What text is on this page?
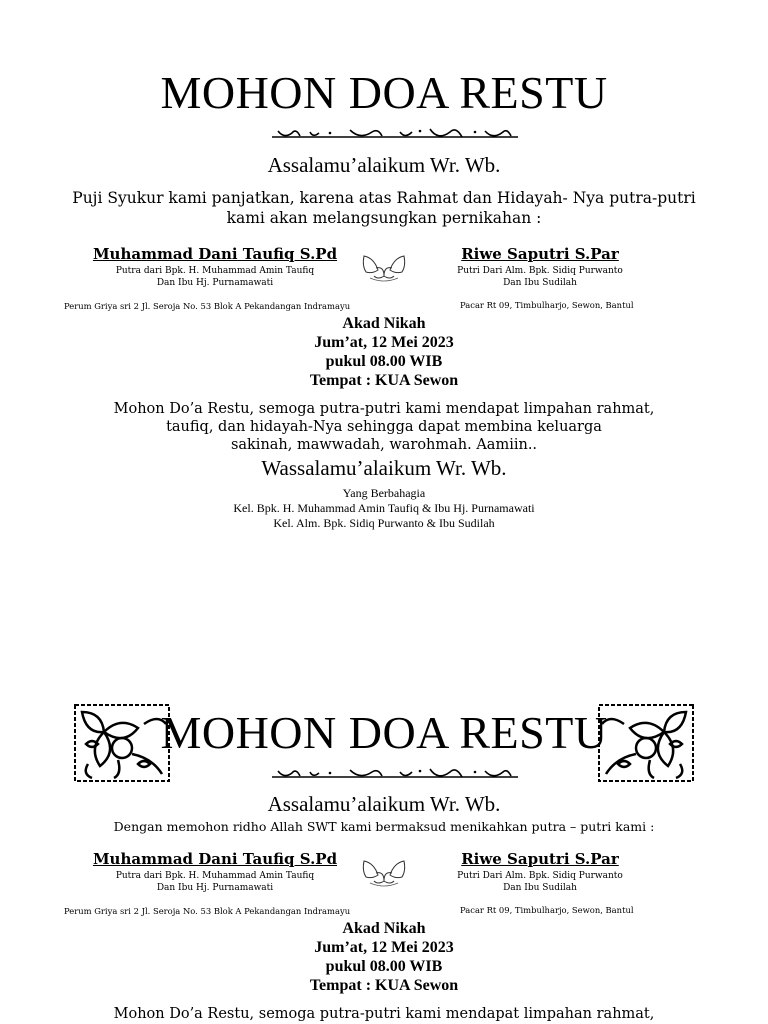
MOHON DOA RESTU
Assalamu’alaikum Wr. Wb.
Puji Syukur kami panjatkan, karena atas Rahmat dan Hidayah- Nya putra-putri
kami akan melangsungkan pernikahan :
Muhammad Dani Taufiq S.Pd
Putra dari Bpk. H. Muhammad Amin Taufiq
Dan Ibu Hj. Purnamawati
Perum Griya sri 2 Jl. Seroja No. 53 Blok A Pekandangan Indramayu
Riwe Saputri S.Par
Putri Dari Alm. Bpk. Sidiq Purwanto
Dan Ibu Sudilah
Pacar Rt 09, Timbulharjo, Sewon, Bantul
Akad Nikah
Jum’at, 12 Mei 2023
pukul 08.00 WIB
Tempat : KUA Sewon
Mohon Do’a Restu, semoga putra-putri kami mendapat limpahan rahmat,
taufiq, dan hidayah-Nya sehingga dapat membina keluarga
sakinah, mawwadah, warohmah. Aamiin..
Wassalamu’alaikum Wr. Wb.
Yang Berbahagia
Kel. Bpk. H. Muhammad Amin Taufiq & Ibu Hj. Purnamawati
Kel. Alm. Bpk. Sidiq Purwanto & Ibu Sudilah
MOHON DOA RESTU
Assalamu’alaikum Wr. Wb.
Dengan memohon ridho Allah SWT kami bermaksud menikahkan putra – putri kami :
Muhammad Dani Taufiq S.Pd
Putra dari Bpk. H. Muhammad Amin Taufiq
Dan Ibu Hj. Purnamawati
Perum Griya sri 2 Jl. Seroja No. 53 Blok A Pekandangan Indramayu
Riwe Saputri S.Par
Putri Dari Alm. Bpk. Sidiq Purwanto
Dan Ibu Sudilah
Pacar Rt 09, Timbulharjo, Sewon, Bantul
Akad Nikah
Jum’at, 12 Mei 2023
pukul 08.00 WIB
Tempat : KUA Sewon
Mohon Do’a Restu, semoga putra-putri kami mendapat limpahan rahmat,
